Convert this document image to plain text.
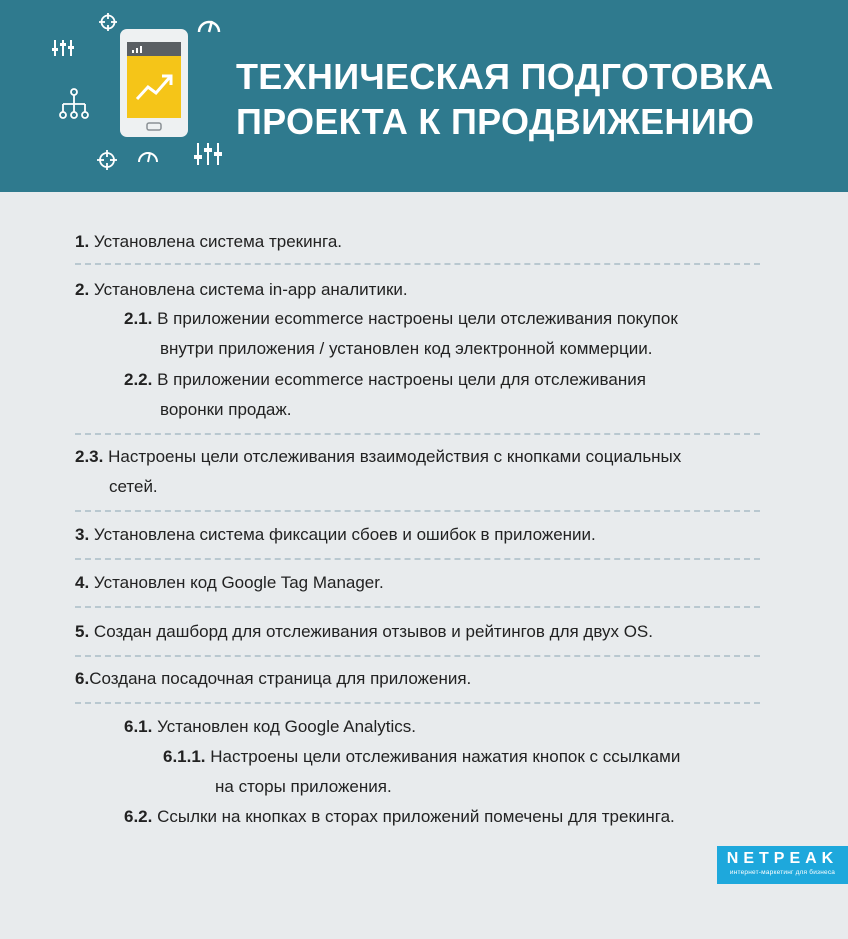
ТЕХНИЧЕСКАЯ ПОДГОТОВКА
ПРОЕКТА К ПРОДВИЖЕНИЮ
1. Установлена система трекинга.
2. Установлена система in-app аналитики.
2.1. В приложении ecommerce настроены цели отслеживания покупок
внутри приложения / установлен код электронной коммерции.
2.2. В приложении ecommerce настроены цели для отслеживания
воронки продаж.
2.3. Настроены цели отслеживания взаимодействия с кнопками социальных
сетей.
3. Установлена система фиксации сбоев и ошибок в приложении.
4. Установлен код Google Tag Manager.
5. Создан дашборд для отслеживания отзывов и рейтингов для двух OS.
6.Создана посадочная страница для приложения.
6.1. Установлен код Google Analytics.
6.1.1. Настроены цели отслеживания нажатия кнопок с ссылками
на сторы приложения.
6.2. Ссылки на кнопках в сторах приложений помечены для трекинга.
NETPEAK
интернет-маркетинг для бизнеса
